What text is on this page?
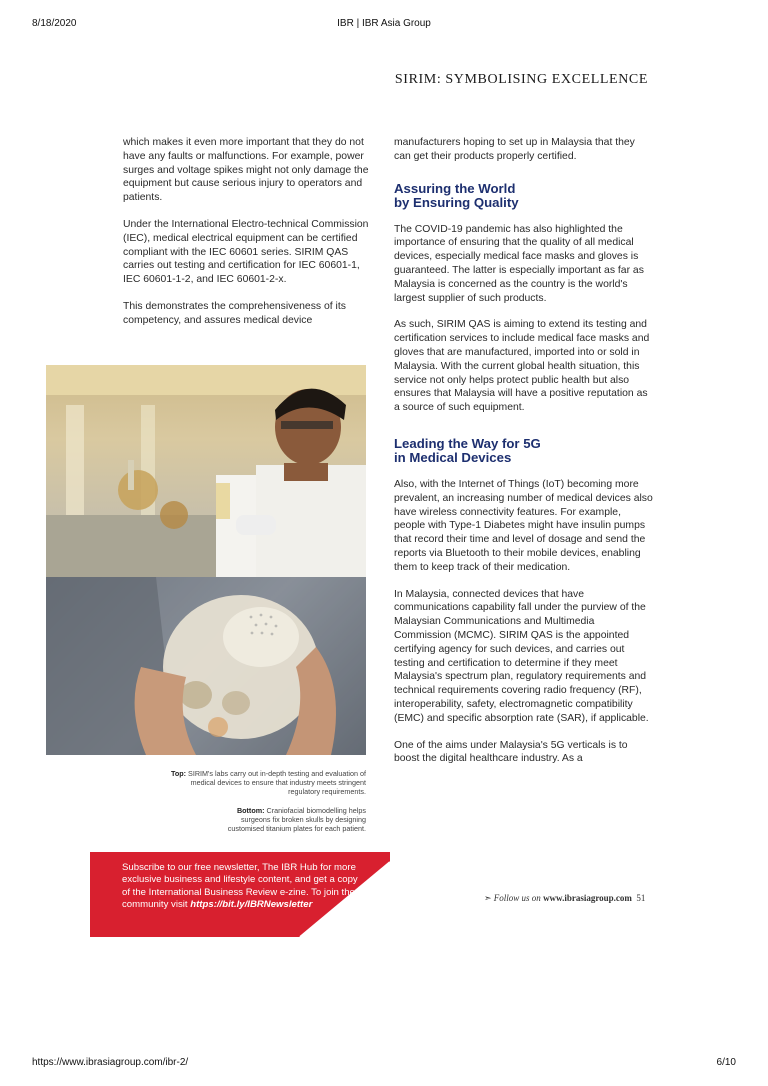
8/18/2020	IBR | IBR Asia Group
SIRIM: SYMBOLISING EXCELLENCE

which makes it even more important that they do not have any faults or malfunctions. For example, power surges and voltage spikes might not only damage the equipment but cause serious injury to operators and patients.

Under the International Electro-technical Commission (IEC), medical electrical equipment can be certified compliant with the IEC 60601 series. SIRIM QAS carries out testing and certification for IEC 60601-1, IEC 60601-1-2, and IEC 60601-2-x.

This demonstrates the comprehensiveness of its competency, and assures medical device

manufacturers hoping to set up in Malaysia that they can get their products properly certified.

Assuring the World
by Ensuring Quality

The COVID-19 pandemic has also highlighted the importance of ensuring that the quality of all medical devices, especially medical face masks and gloves is guaranteed. The latter is especially important as far as Malaysia is concerned as the country is the world's largest supplier of such products.

As such, SIRIM QAS is aiming to extend its testing and certification services to include medical face masks and gloves that are manufactured, imported into or sold in Malaysia. With the current global health situation, this service not only helps protect public health but also ensures that Malaysia will have a positive reputation as a source of such equipment.

Leading the Way for 5G
in Medical Devices

Also, with the Internet of Things (IoT) becoming more prevalent, an increasing number of medical devices also have wireless connectivity features. For example, people with Type-1 Diabetes might have insulin pumps that record their time and level of dosage and send the reports via Bluetooth to their mobile devices, enabling them to keep track of their medication.

In Malaysia, connected devices that have communications capability fall under the purview of the Malaysian Communications and Multimedia Commission (MCMC). SIRIM QAS is the appointed certifying agency for such devices, and carries out testing and certification to determine if they meet Malaysia's spectrum plan, regulatory requirements and technical requirements covering radio frequency (RF), interoperability, safety, electromagnetic compatibility (EMC) and specific absorption rate (SAR), if applicable.

One of the aims under Malaysia's 5G verticals is to boost the digital healthcare industry. As a

Top: SIRIM's labs carry out in-depth testing and evaluation of medical devices to ensure that industry meets stringent regulatory requirements.
Bottom: Craniofacial biomodelling helps surgeons fix broken skulls by designing customised titanium plates for each patient.
Subscribe to our free newsletter, The IBR Hub for more exclusive business and lifestyle content, and get a copy of the International Business Review e-zine. To join the community visit https://bit.ly/IBRNewsletter
➣ Follow us on www.ibrasiagroup.com 51
https://www.ibrasiagroup.com/ibr-2/	6/10
